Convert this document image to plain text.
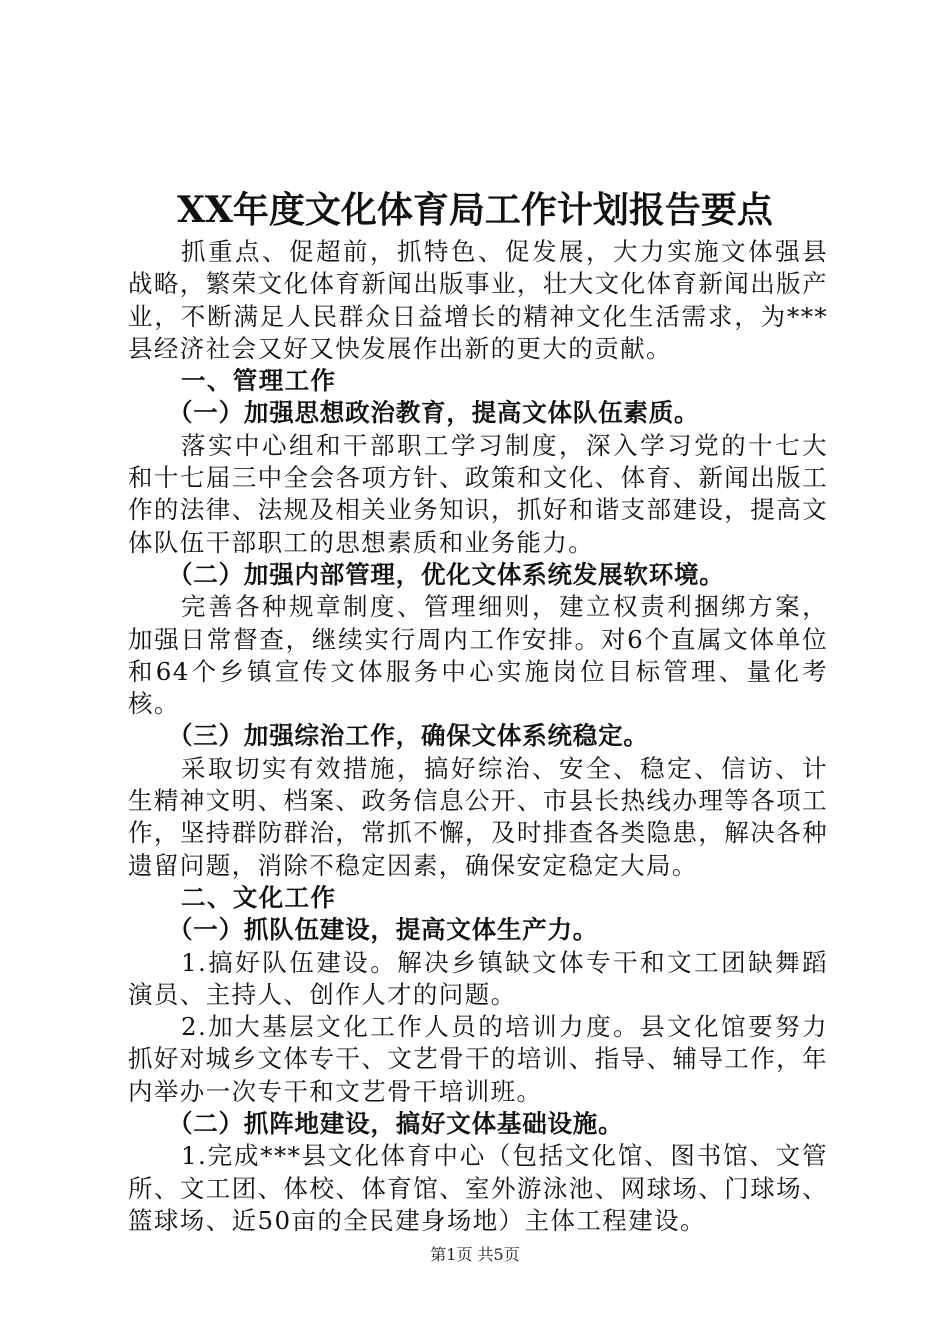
XX年度文化体育局工作计划报告要点

抓重点、促超前，抓特色、促发展，大力实施文体强县战略，繁荣文化体育新闻出版事业，壮大文化体育新闻出版产业，不断满足人民群众日益增长的精神文化生活需求，为***县经济社会又好又快发展作出新的更大的贡献。

一、管理工作

（一）加强思想政治教育，提高文体队伍素质。

落实中心组和干部职工学习制度，深入学习党的十七大和十七届三中全会各项方针、政策和文化、体育、新闻出版工作的法律、法规及相关业务知识，抓好和谐支部建设，提高文体队伍干部职工的思想素质和业务能力。

（二）加强内部管理，优化文体系统发展软环境。

完善各种规章制度、管理细则，建立权责利捆绑方案，加强日常督查，继续实行周内工作安排。对6个直属文体单位和64个乡镇宣传文体服务中心实施岗位目标管理、量化考核。

（三）加强综治工作，确保文体系统稳定。

采取切实有效措施，搞好综治、安全、稳定、信访、计生精神文明、档案、政务信息公开、市县长热线办理等各项工作，坚持群防群治，常抓不懈，及时排查各类隐患，解决各种遗留问题，消除不稳定因素，确保安定稳定大局。

二、文化工作

（一）抓队伍建设，提高文体生产力。

1.搞好队伍建设。解决乡镇缺文体专干和文工团缺舞蹈演员、主持人、创作人才的问题。

2.加大基层文化工作人员的培训力度。县文化馆要努力抓好对城乡文体专干、文艺骨干的培训、指导、辅导工作，年内举办一次专干和文艺骨干培训班。

（二）抓阵地建设，搞好文体基础设施。

1.完成***县文化体育中心（包括文化馆、图书馆、文管所、文工团、体校、体育馆、室外游泳池、网球场、门球场、篮球场、近50亩的全民建身场地）主体工程建设。

第1页 共5页
